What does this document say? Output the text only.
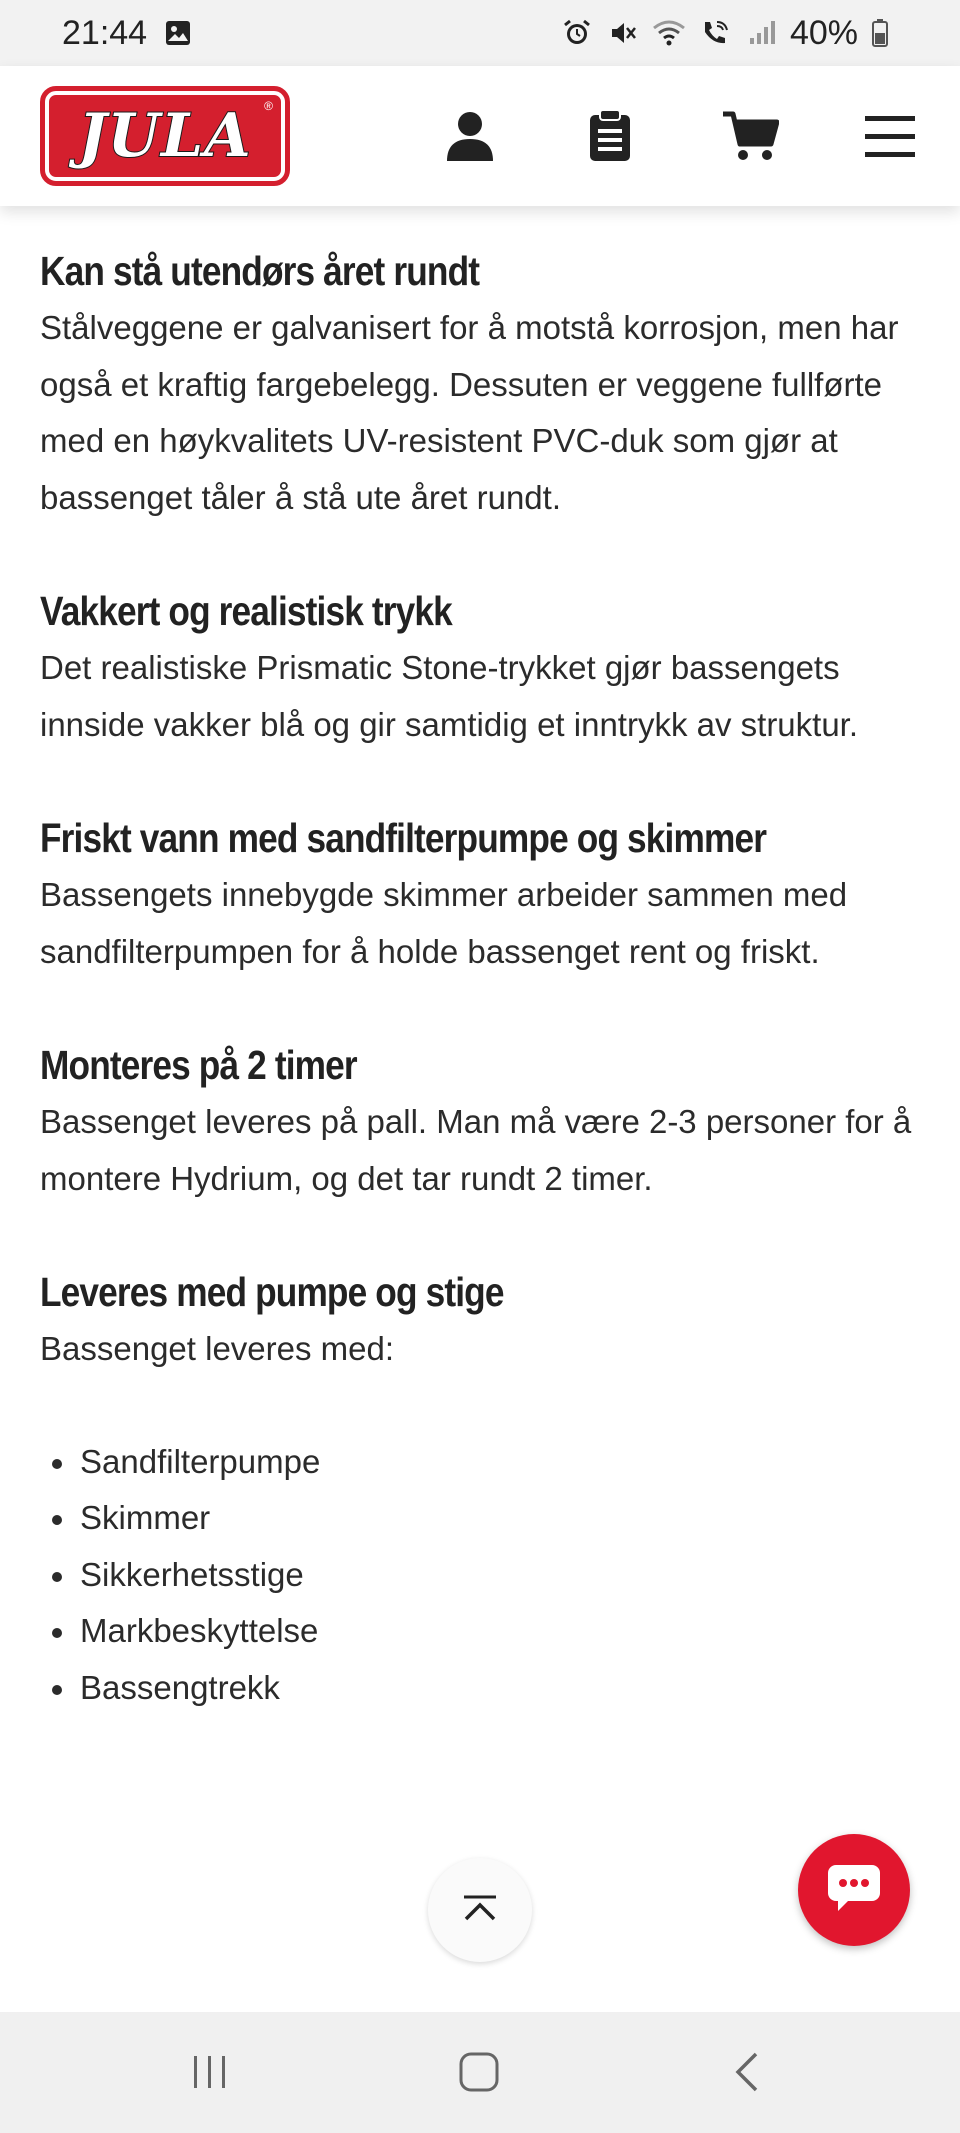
21:44	40%
JULA ®
Kan stå utendørs året rundt

Stålveggene er galvanisert for å motstå korrosjon, men har også et kraftig fargebelegg. Dessuten er veggene fullførte med en høykvalitets UV-resistent PVC-duk som gjør at bassenget tåler å stå ute året rundt.

Vakkert og realistisk trykk

Det realistiske Prismatic Stone-trykket gjør bassengets innside vakker blå og gir samtidig et inntrykk av struktur.

Friskt vann med sandfilterpumpe og skimmer

Bassengets innebygde skimmer arbeider sammen med sandfilterpumpen for å holde bassenget rent og friskt.

Monteres på 2 timer

Bassenget leveres på pall. Man må være 2-3 personer for å montere Hydrium, og det tar rundt 2 timer.

Leveres med pumpe og stige

Bassenget leveres med:

Sandfilterpumpe
Skimmer
Sikkerhetsstige
Markbeskyttelse
Bassengtrekk
